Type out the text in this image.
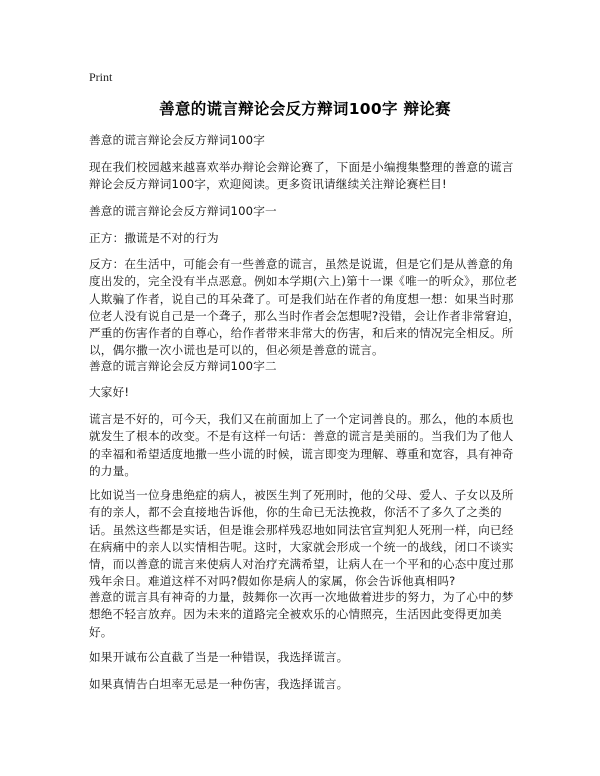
Print
善意的谎言辩论会反方辩词100字 辩论赛

善意的谎言辩论会反方辩词100字

现在我们校园越来越喜欢举办辩论会辩论赛了，下面是小编搜集整理的善意的谎言辩论会反方辩词100字，欢迎阅读。更多资讯请继续关注辩论赛栏目!

善意的谎言辩论会反方辩词100字一

正方：撒谎是不对的行为

反方：在生活中，可能会有一些善意的谎言，虽然是说谎，但是它们是从善意的角度出发的，完全没有半点恶意。例如本学期(六上)第十一课《唯一的听众》，那位老人欺骗了作者，说自己的耳朵聋了。可是我们站在作者的角度想一想：如果当时那位老人没有说自己是一个聋子，那么当时作者会怎想呢?没错，会让作者非常窘迫，严重的伤害作者的自尊心，给作者带来非常大的伤害，和后来的情况完全相反。所以，偶尔撒一次小谎也是可以的，但必须是善意的谎言。

善意的谎言辩论会反方辩词100字二

大家好!

谎言是不好的，可今天，我们又在前面加上了一个定词善良的。那么，他的本质也就发生了根本的改变。不是有这样一句话：善意的谎言是美丽的。当我们为了他人的幸福和希望适度地撒一些小谎的时候，谎言即变为理解、尊重和宽容，具有神奇的力量。

比如说当一位身患绝症的病人，被医生判了死刑时，他的父母、爱人、子女以及所有的亲人，都不会直接地告诉他，你的生命已无法挽救，你活不了多久了之类的话。虽然这些都是实话，但是谁会那样残忍地如同法官宣判犯人死刑一样，向已经在病痛中的亲人以实情相告呢。这时，大家就会形成一个统一的战线，闭口不谈实情，而以善意的谎言来使病人对治疗充满希望，让病人在一个平和的心态中度过那残年余日。难道这样不对吗?假如你是病人的家属，你会告诉他真相吗?

善意的谎言具有神奇的力量，鼓舞你一次再一次地做着进步的努力，为了心中的梦想绝不轻言放弃。因为未来的道路完全被欢乐的心情照亮，生活因此变得更加美好。

如果开诚布公直截了当是一种错误，我选择谎言。

如果真情告白坦率无忌是一种伤害，我选择谎言。
